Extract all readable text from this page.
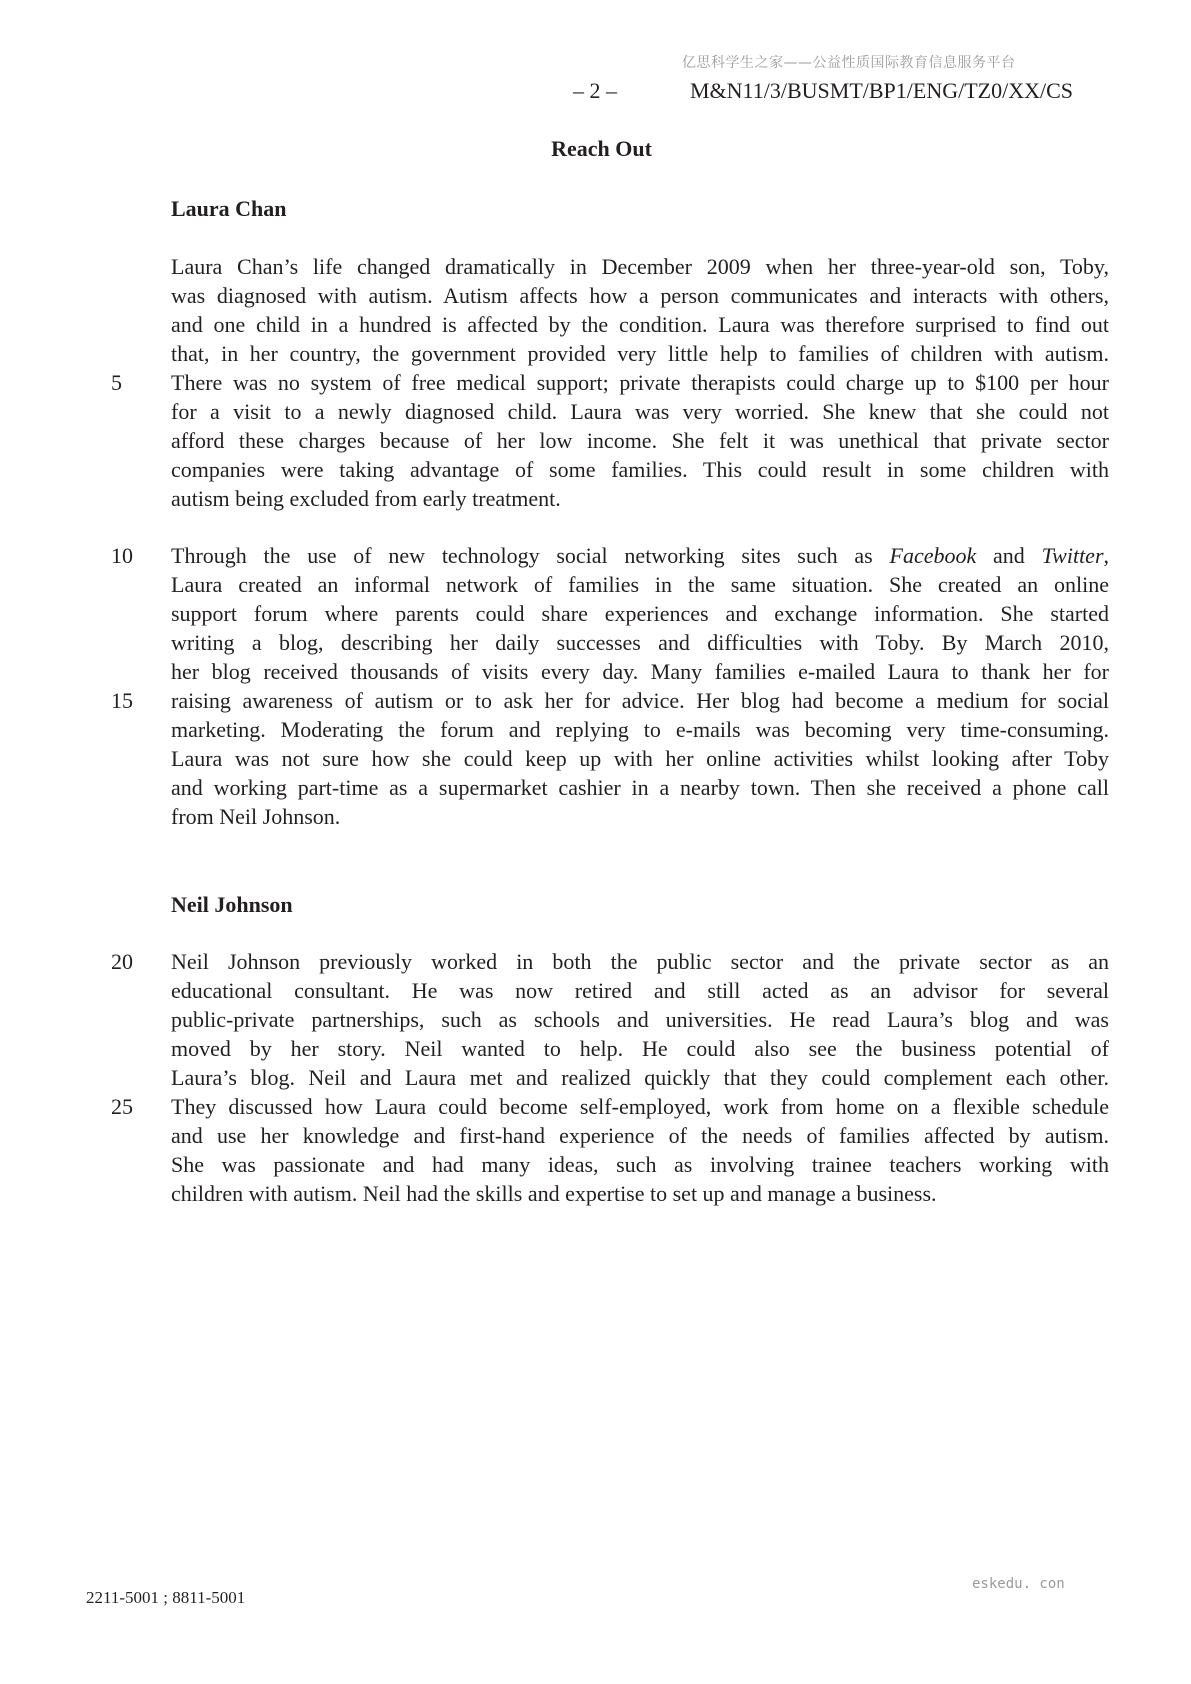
亿思科学生之家——公益性质国际教育信息服务平台
– 2 –	M&N11/3/BUSMT/BP1/ENG/TZ0/XX/CS
Reach Out
Laura Chan
Laura Chan’s life changed dramatically in December 2009 when her three-year-old son, Toby,
was diagnosed with autism. Autism affects how a person communicates and interacts with others,
and one child in a hundred is affected by the condition. Laura was therefore surprised to find out
that, in her country, the government provided very little help to families of children with autism.
5	There was no system of free medical support; private therapists could charge up to $100 per hour
for a visit to a newly diagnosed child. Laura was very worried. She knew that she could not
afford these charges because of her low income. She felt it was unethical that private sector
companies were taking advantage of some families. This could result in some children with
autism being excluded from early treatment.
10	Through the use of new technology social networking sites such as Facebook and Twitter,
Laura created an informal network of families in the same situation. She created an online
support forum where parents could share experiences and exchange information. She started
writing a blog, describing her daily successes and difficulties with Toby. By March 2010,
her blog received thousands of visits every day. Many families e-mailed Laura to thank her for
15	raising awareness of autism or to ask her for advice. Her blog had become a medium for social
marketing. Moderating the forum and replying to e-mails was becoming very time-consuming.
Laura was not sure how she could keep up with her online activities whilst looking after Toby
and working part-time as a supermarket cashier in a nearby town. Then she received a phone call
from Neil Johnson.
Neil Johnson
20	Neil Johnson previously worked in both the public sector and the private sector as an
educational consultant. He was now retired and still acted as an advisor for several
public-private partnerships, such as schools and universities. He read Laura’s blog and was
moved by her story. Neil wanted to help. He could also see the business potential of
Laura’s blog. Neil and Laura met and realized quickly that they could complement each other.
25	They discussed how Laura could become self-employed, work from home on a flexible schedule
and use her knowledge and first-hand experience of the needs of families affected by autism.
She was passionate and had many ideas, such as involving trainee teachers working with
children with autism. Neil had the skills and expertise to set up and manage a business.
2211-5001 ; 8811-5001
eskedu. con
